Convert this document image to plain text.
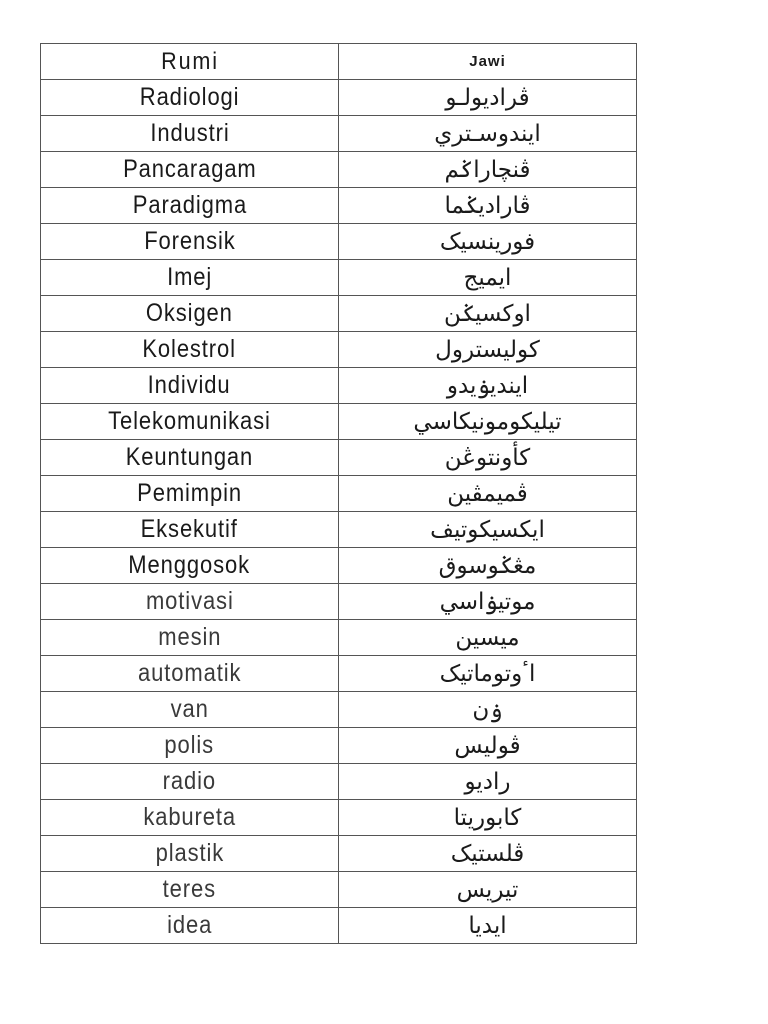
Rumi	Jawi
Radiologi	ڤراديولـو
Industri	ايندوسـتري
Pancaragam	ڤنچاراݢم
Paradigma	ڤاراديݢما
Forensik	فورينسيک
Imej	ايميج
Oksigen	اوکسيݢن
Kolestrol	کوليسترول
Individu	اينديۏيدو
Telekomunikasi	تيليکومونيکاسي
Keuntungan	کأونتوڠن
Pemimpin	ڤميمڤين
Eksekutif	ايکسيکوتيف
Menggosok	مڠݢوسوق
motivasi	موتيۏاسي
mesin	ميسين
automatik	اٴوتوماتيک
van	ۏن
polis	ڤوليس
radio	راديو
kabureta	کابوريتا
plastik	ڤلستيک
teres	تيريس
idea	ايديا
